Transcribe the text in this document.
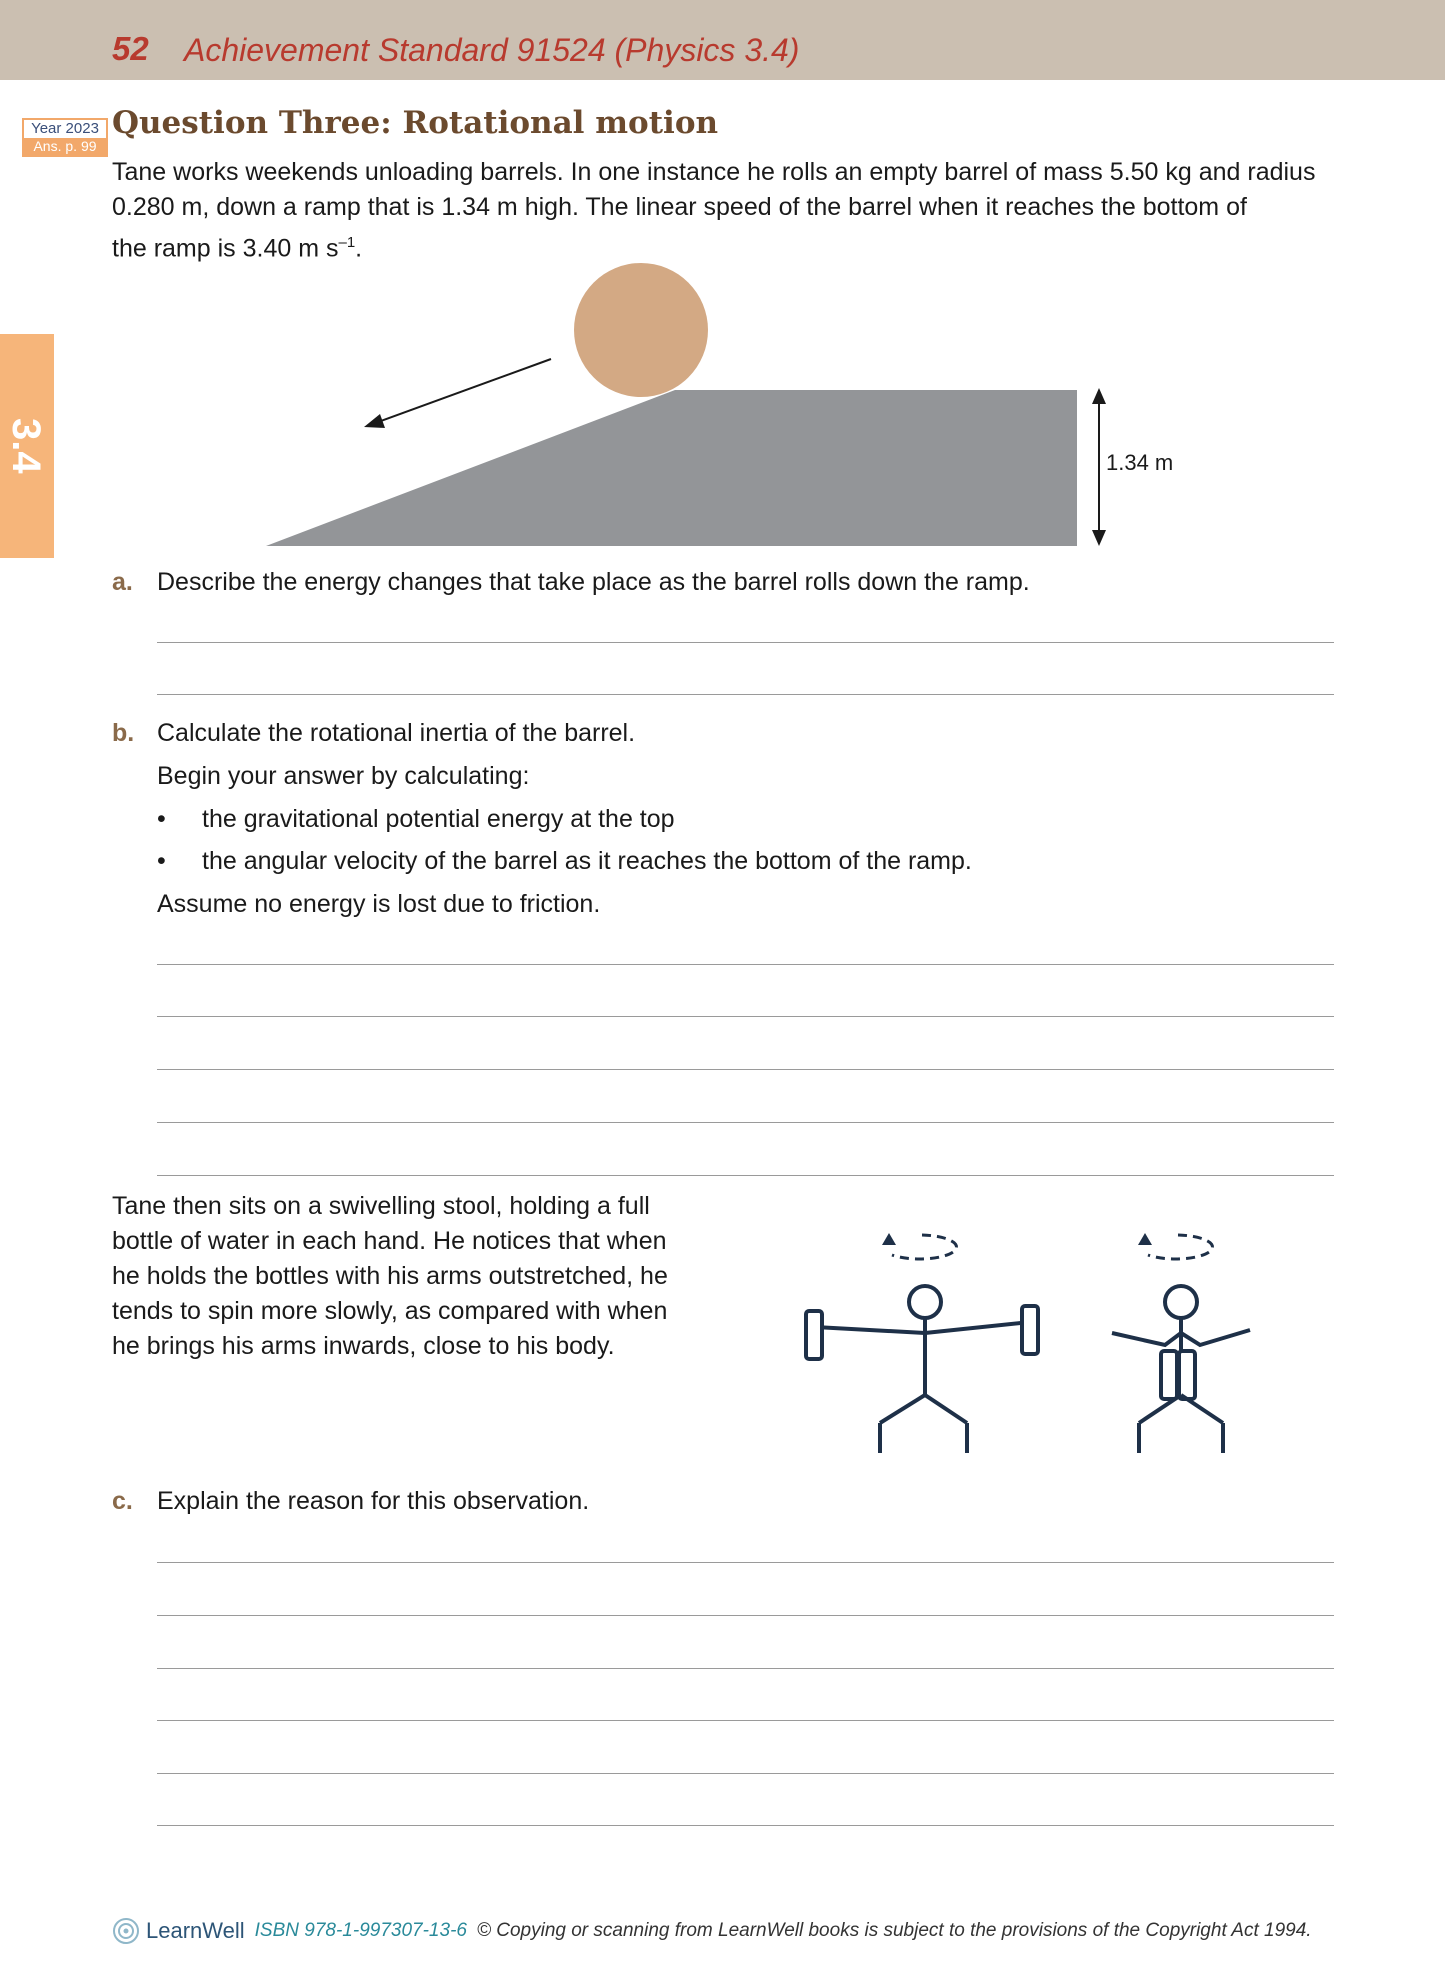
52 Achievement Standard 91524 (Physics 3.4)
Year 2023
Ans. p. 99
3.4
Question Three: Rotational motion
Tane works weekends unloading barrels. In one instance he rolls an empty barrel of mass 5.50 kg and radius
0.280 m, down a ramp that is 1.34 m high. The linear speed of the barrel when it reaches the bottom of
the ramp is 3.40 m $s^{-1}$.
1.34 m
a. Describe the energy changes that take place as the barrel rolls down the ramp.
b. Calculate the rotational inertia of the barrel.
Begin your answer by calculating:
• the gravitational potential energy at the top
• the angular velocity of the barrel as it reaches the bottom of the ramp.
Assume no energy is lost due to friction.
Tane then sits on a swivelling stool, holding a full
bottle of water in each hand. He notices that when
he holds the bottles with his arms outstretched, he
tends to spin more slowly, as compared with when
he brings his arms inwards, close to his body.
c. Explain the reason for this observation.
LearnWell ISBN 978-1-997307-13-6 © Copying or scanning from LearnWell books is subject to the provisions of the Copyright Act 1994.
